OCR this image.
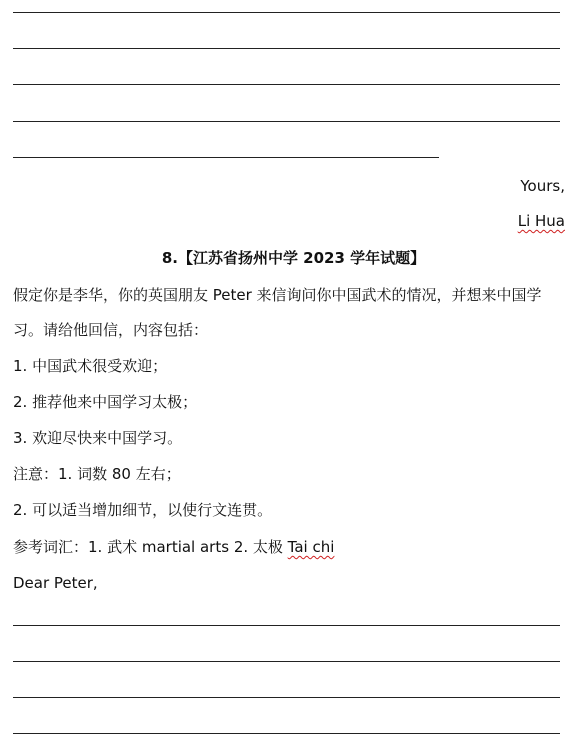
Yours,
Li Hua
8.【江苏省扬州中学 2023 学年试题】
假定你是李华，你的英国朋友 Peter 来信询问你中国武术的情况，并想来中国学
习。请给他回信，内容包括：
1. 中国武术很受欢迎；
2. 推荐他来中国学习太极；
3. 欢迎尽快来中国学习。
注意：1. 词数 80 左右；
2. 可以适当增加细节，以使行文连贯。
参考词汇：1. 武术 martial arts 2. 太极 Tai chi
Dear Peter,
